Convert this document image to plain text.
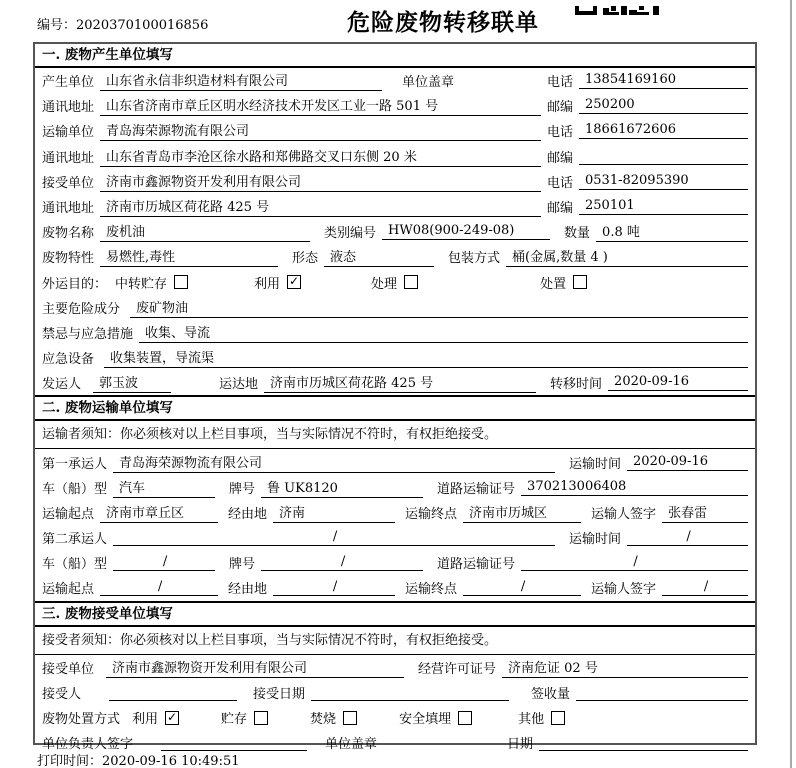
编号：2020370100016856	危险废物转移联单
一. 废物产生单位填写
产生单位 山东省永信非织造材料有限公司	单位盖章	电话 13854169160
通讯地址 山东省济南市章丘区明水经济技术开发区工业一路 501 号	邮编 250200
运输单位 青岛海荣源物流有限公司	电话 18661672606
通讯地址 山东省青岛市李沧区徐水路和郑佛路交叉口东侧 20 米	邮编
接受单位 济南市鑫源物资开发利用有限公司	电话 0531-82095390
通讯地址 济南市历城区荷花路 425 号	邮编 250101
废物名称 废机油	类别编号 HW08(900-249-08)	数量 0.8 吨
废物特性 易燃性,毒性	形态 液态	包装方式 桶(金属,数量 4 )
外运目的： 中转贮存	利用 ✓	处理	处置
主要危险成分	废矿物油
禁忌与应急措施 收集、导流
应急设备	收集装置，导流渠
发运人	郭玉波	运达地 济南市历城区荷花路 425 号	转移时间 2020-09-16
二. 废物运输单位填写
运输者须知：你必须核对以上栏目事项，当与实际情况不符时，有权拒绝接受。
第一承运人 青岛海荣源物流有限公司	运输时间 2020-09-16
车（船）型 汽车	牌号 鲁 UK8120	道路运输证号 370213006408
运输起点 济南市章丘区	经由地 济南	运输终点 济南市历城区	运输人签字 张春雷
第二承运人	/	运输时间	/
车（船）型	/	牌号	/	道路运输证号	/
运输起点	/	经由地	/	运输终点	/	运输人签字	/
三. 废物接受单位填写
接受者须知：你必须核对以上栏目事项，当与实际情况不符时，有权拒绝接受。
接受单位	济南市鑫源物资开发利用有限公司	经营许可证号 济南危证 02 号
接受人	接受日期	签收量
废物处置方式 利用 ✓	贮存	焚烧	安全填埋	其他
单位负责人签字	单位盖章	日期
打印时间：2020-09-16 10:49:51
